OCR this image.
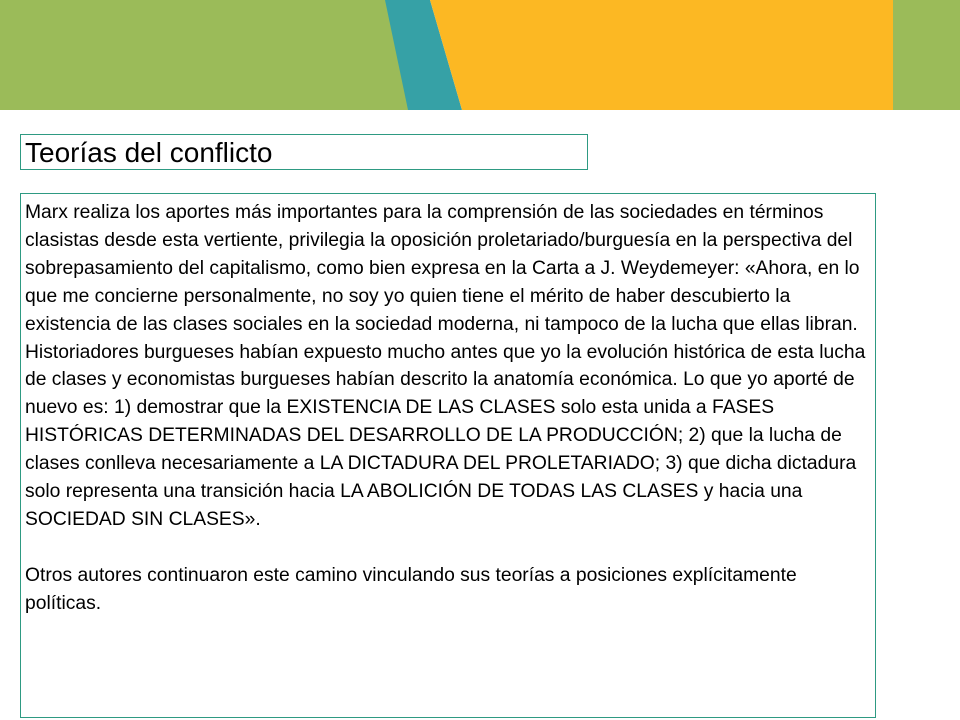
Teorías del conflicto

Marx realiza los aportes más importantes para la comprensión de las sociedades en términos clasistas desde esta vertiente, privilegia la oposición proletariado/burguesía en la perspectiva del sobrepasamiento del capitalismo, como bien expresa en la Carta a J. Weydemeyer: «Ahora, en lo que me concierne personalmente, no soy yo quien tiene el mérito de haber descubierto la existencia de las clases sociales en la sociedad moderna, ni tampoco de la lucha que ellas libran. Historiadores burgueses habían expuesto mucho antes que yo la evolución histórica de esta lucha de clases y economistas burgueses habían descrito la anatomía económica. Lo que yo aporté de nuevo es: 1) demostrar que la EXISTENCIA DE LAS CLASES solo esta unida a FASES HISTÓRICAS DETERMINADAS DEL DESARROLLO DE LA PRODUCCIÓN; 2) que la lucha de clases conlleva necesariamente a LA DICTADURA DEL PROLETARIADO; 3) que dicha dictadura solo representa una transición hacia LA ABOLICIÓN DE TODAS LAS CLASES y hacia una SOCIEDAD SIN CLASES».

Otros autores continuaron este camino vinculando sus teorías a posiciones explícitamente políticas.
